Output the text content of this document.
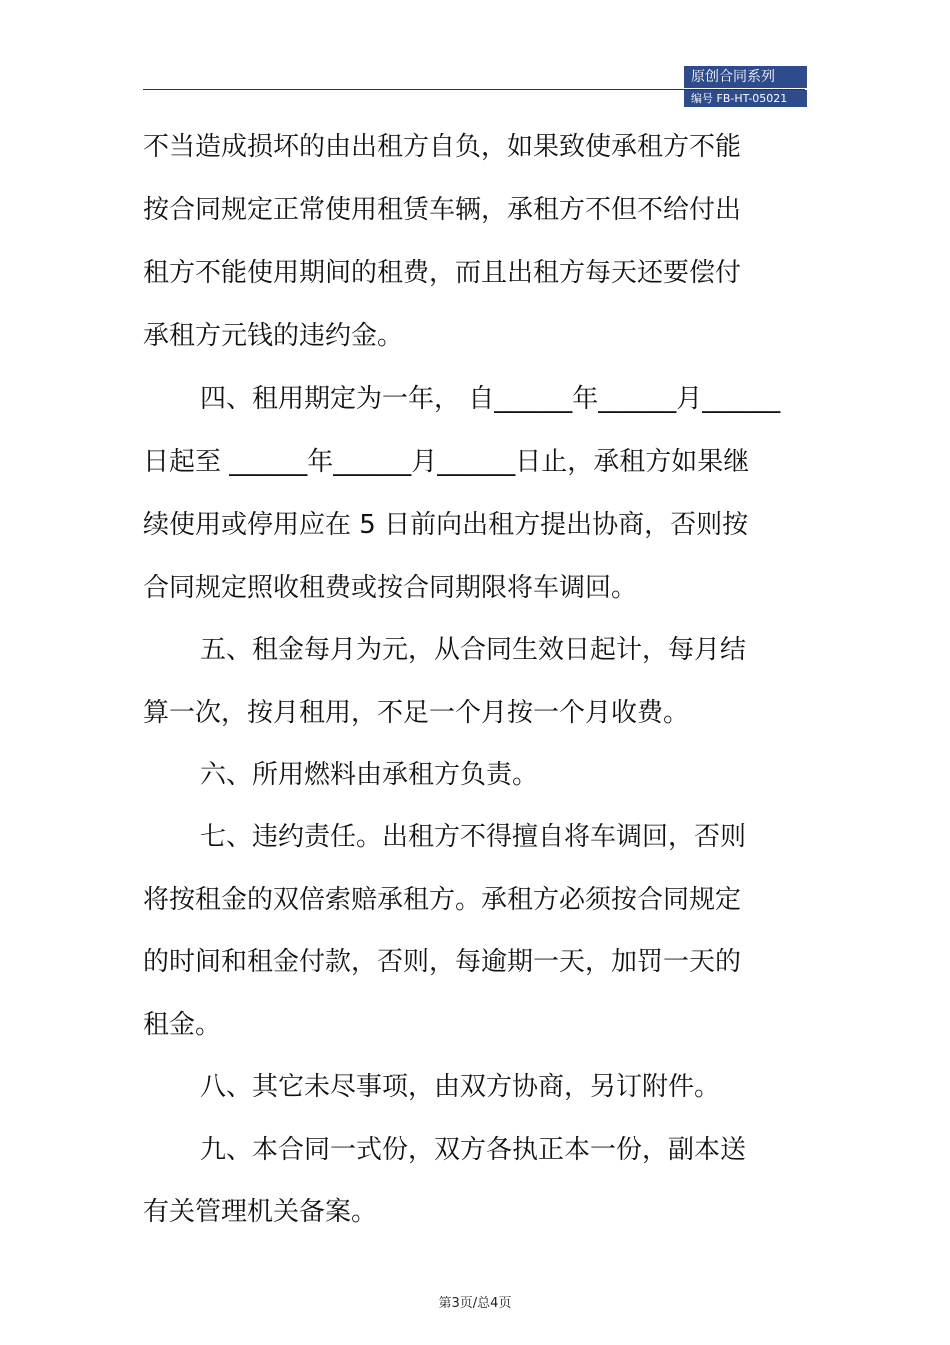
原创合同系列
编号 FB-HT-05021
不当造成损坏的由出租方自负，如果致使承租方不能
按合同规定正常使用租赁车辆，承租方不但不给付出
租方不能使用期间的租费，而且出租方每天还要偿付
承租方元钱的违约金。
四、租用期定为一年， 自______年______月______
日起至 ______年______月______日止，承租方如果继
续使用或停用应在 5 日前向出租方提出协商，否则按
合同规定照收租费或按合同期限将车调回。
五、租金每月为元，从合同生效日起计，每月结
算一次，按月租用，不足一个月按一个月收费。
六、所用燃料由承租方负责。
七、违约责任。出租方不得擅自将车调回，否则
将按租金的双倍索赔承租方。承租方必须按合同规定
的时间和租金付款，否则，每逾期一天，加罚一天的
租金。
八、其它未尽事项，由双方协商，另订附件。
九、本合同一式份，双方各执正本一份，副本送
有关管理机关备案。
第3页/总4页
